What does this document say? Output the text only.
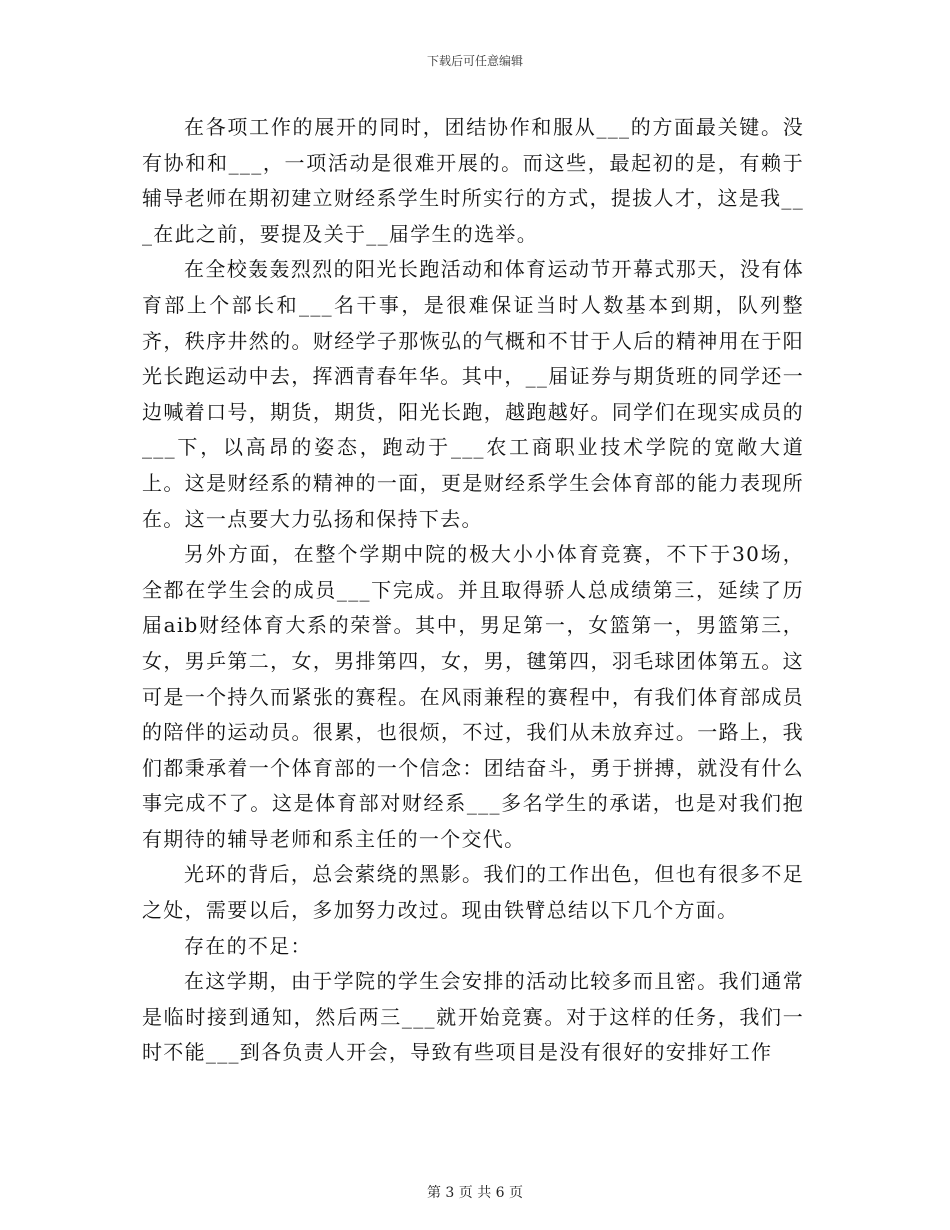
下载后可任意编辑

在各项工作的展开的同时，团结协作和服从___的方面最关键。没有协和和___，一项活动是很难开展的。而这些，最起初的是，有赖于辅导老师在期初建立财经系学生时所实行的方式，提拔人才，这是我___在此之前，要提及关于__届学生的选举。

在全校轰轰烈烈的阳光长跑活动和体育运动节开幕式那天，没有体育部上个部长和___名干事，是很难保证当时人数基本到期，队列整齐，秩序井然的。财经学子那恢弘的气概和不甘于人后的精神用在于阳光长跑运动中去，挥洒青春年华。其中，__届证券与期货班的同学还一边喊着口号，期货，期货，阳光长跑，越跑越好。同学们在现实成员的___下，以高昂的姿态，跑动于___农工商职业技术学院的宽敞大道上。这是财经系的精神的一面，更是财经系学生会体育部的能力表现所在。这一点要大力弘扬和保持下去。

另外方面，在整个学期中院的极大小小体育竞赛，不下于30场，全都在学生会的成员___下完成。并且取得骄人总成绩第三，延续了历届aib财经体育大系的荣誉。其中，男足第一，女篮第一，男篮第三，女，男乒第二，女，男排第四，女，男，毽第四，羽毛球团体第五。这可是一个持久而紧张的赛程。在风雨兼程的赛程中，有我们体育部成员的陪伴的运动员。很累，也很烦，不过，我们从未放弃过。一路上，我们都秉承着一个体育部的一个信念：团结奋斗，勇于拼搏，就没有什么事完成不了。这是体育部对财经系___多名学生的承诺，也是对我们抱有期待的辅导老师和系主任的一个交代。

光环的背后，总会萦绕的黑影。我们的工作出色，但也有很多不足之处，需要以后，多加努力改过。现由铁臂总结以下几个方面。

存在的不足：

在这学期，由于学院的学生会安排的活动比较多而且密。我们通常是临时接到通知，然后两三___就开始竞赛。对于这样的任务，我们一时不能___到各负责人开会，导致有些项目是没有很好的安排好工作

第 3 页 共 6 页
